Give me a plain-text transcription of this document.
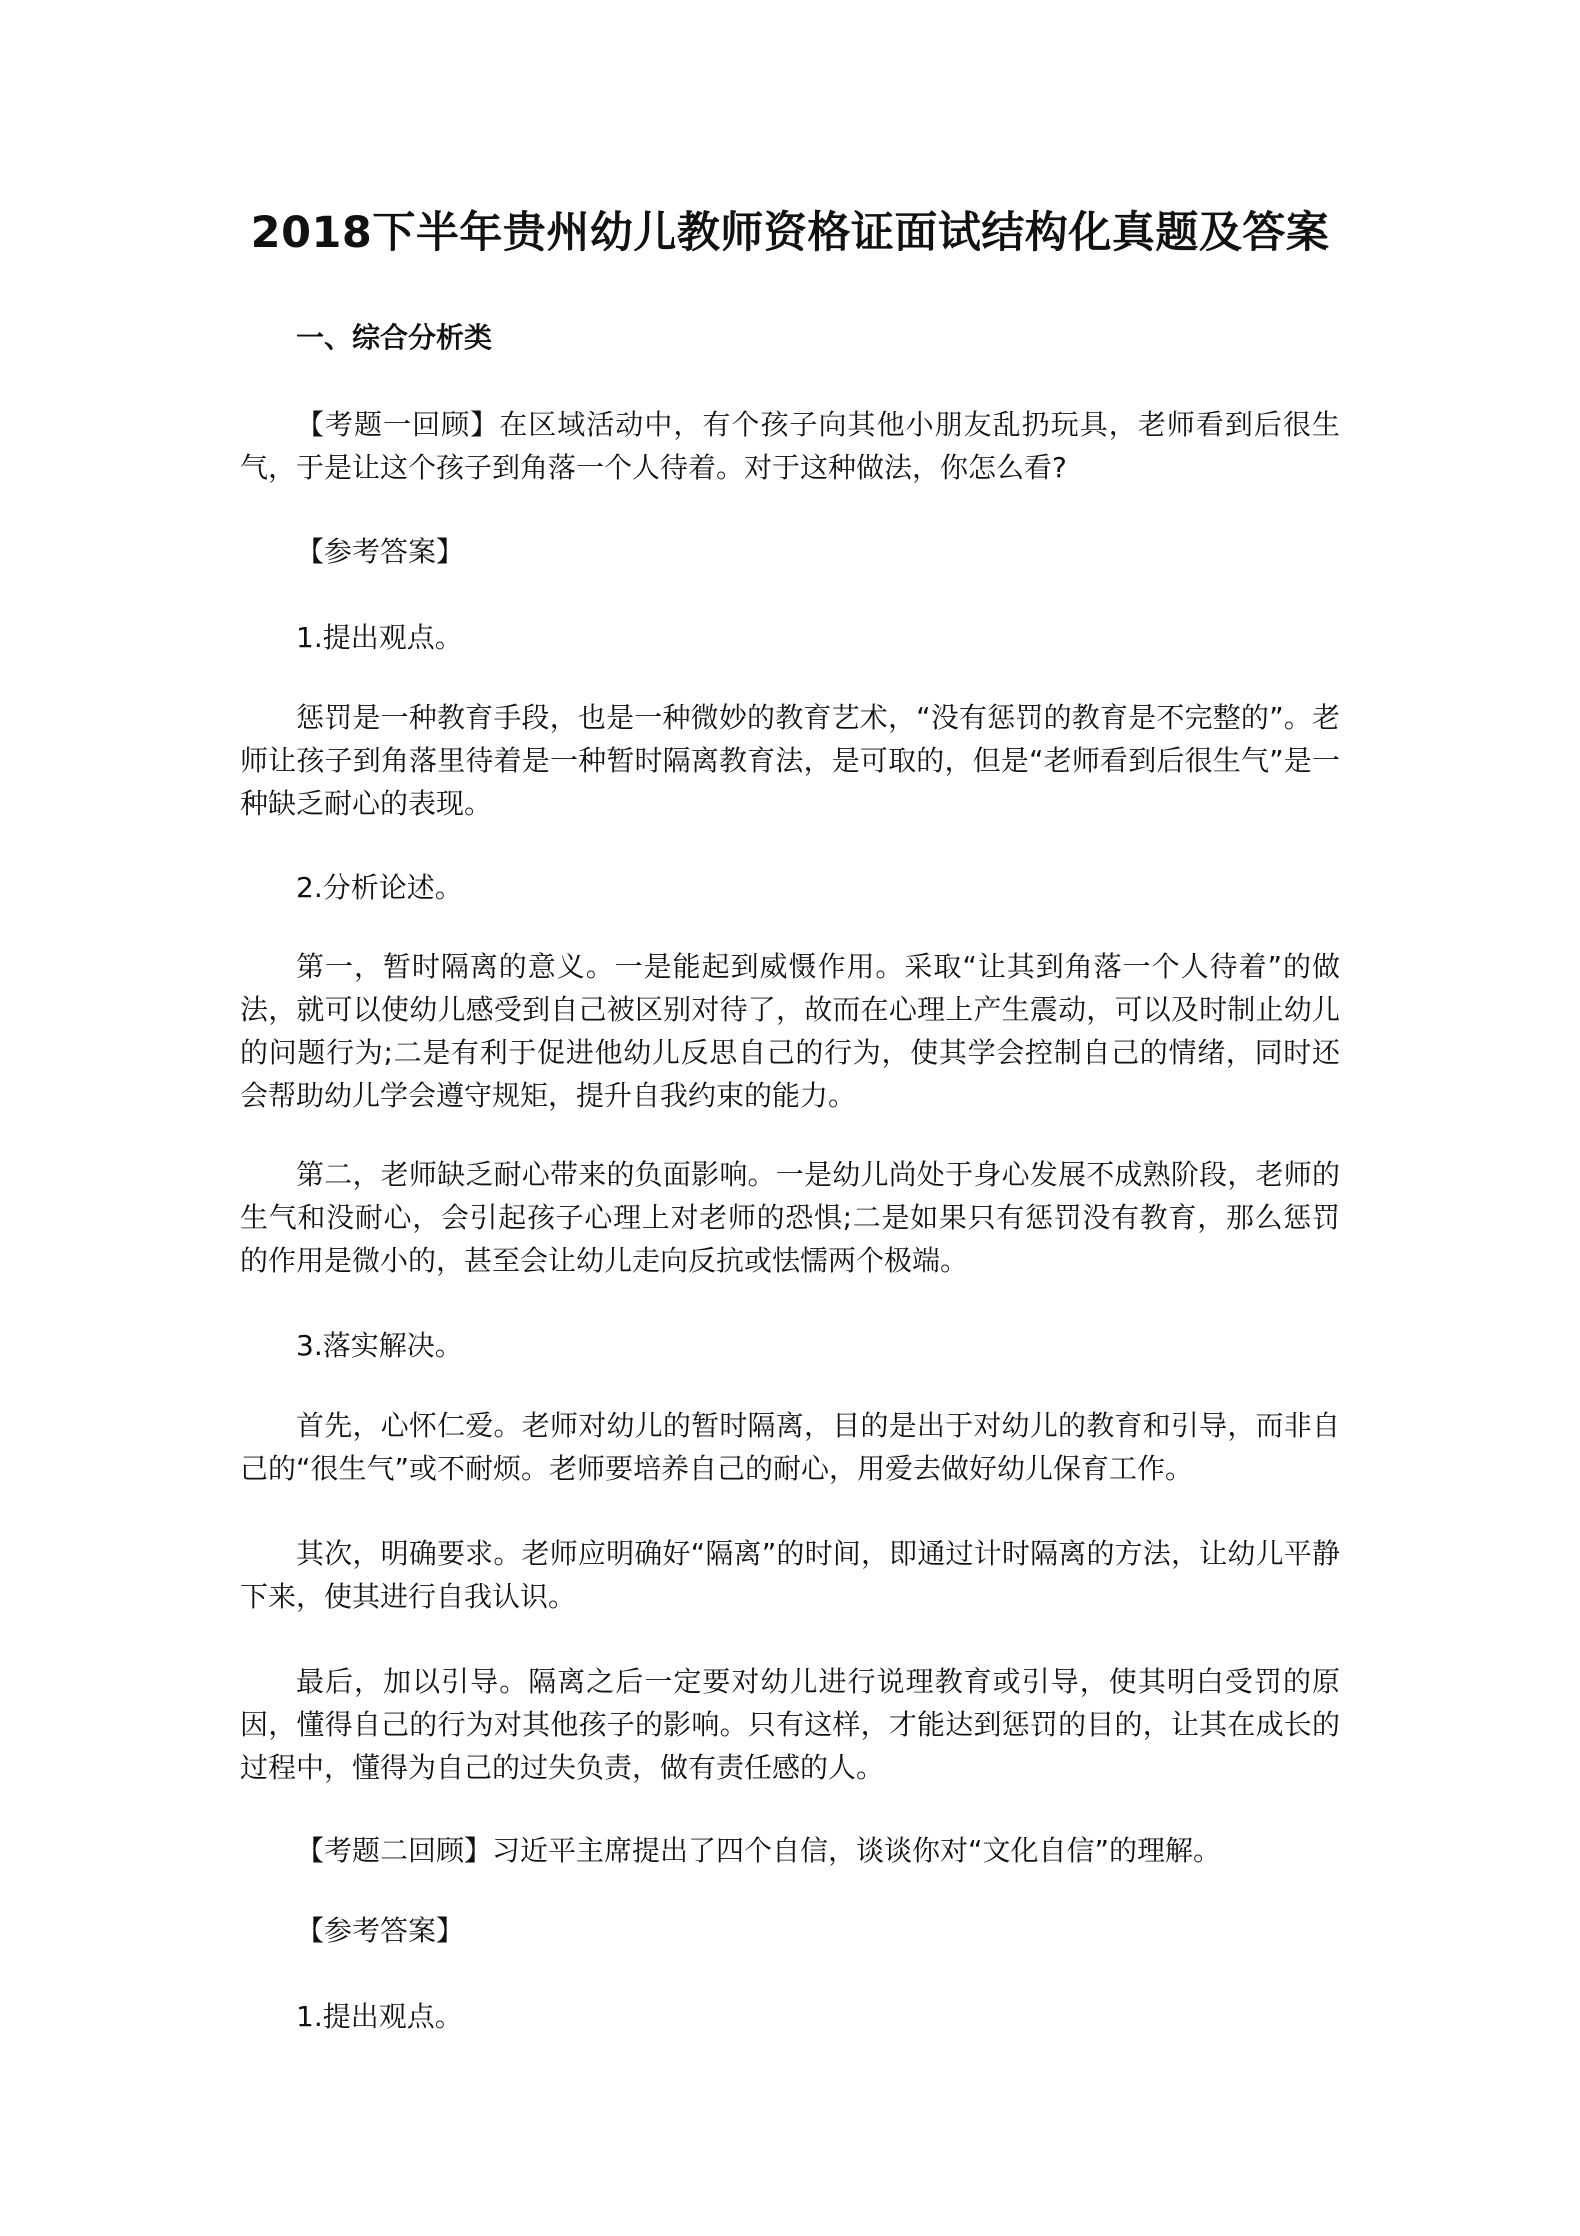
2018下半年贵州幼儿教师资格证面试结构化真题及答案

一、综合分析类

【考题一回顾】在区域活动中，有个孩子向其他小朋友乱扔玩具，老师看到后很生气，于是让这个孩子到角落一个人待着。对于这种做法，你怎么看?

【参考答案】

1.提出观点。

惩罚是一种教育手段，也是一种微妙的教育艺术，“没有惩罚的教育是不完整的”。老师让孩子到角落里待着是一种暂时隔离教育法，是可取的，但是“老师看到后很生气”是一种缺乏耐心的表现。

2.分析论述。

第一，暂时隔离的意义。一是能起到威慑作用。采取“让其到角落一个人待着”的做法，就可以使幼儿感受到自己被区别对待了，故而在心理上产生震动，可以及时制止幼儿的问题行为;二是有利于促进他幼儿反思自己的行为，使其学会控制自己的情绪，同时还会帮助幼儿学会遵守规矩，提升自我约束的能力。

第二，老师缺乏耐心带来的负面影响。一是幼儿尚处于身心发展不成熟阶段，老师的生气和没耐心，会引起孩子心理上对老师的恐惧;二是如果只有惩罚没有教育，那么惩罚的作用是微小的，甚至会让幼儿走向反抗或怯懦两个极端。

3.落实解决。

首先，心怀仁爱。老师对幼儿的暂时隔离，目的是出于对幼儿的教育和引导，而非自己的“很生气”或不耐烦。老师要培养自己的耐心，用爱去做好幼儿保育工作。

其次，明确要求。老师应明确好“隔离”的时间，即通过计时隔离的方法，让幼儿平静下来，使其进行自我认识。

最后，加以引导。隔离之后一定要对幼儿进行说理教育或引导，使其明白受罚的原因，懂得自己的行为对其他孩子的影响。只有这样，才能达到惩罚的目的，让其在成长的过程中，懂得为自己的过失负责，做有责任感的人。

【考题二回顾】习近平主席提出了四个自信，谈谈你对“文化自信”的理解。

【参考答案】

1.提出观点。
